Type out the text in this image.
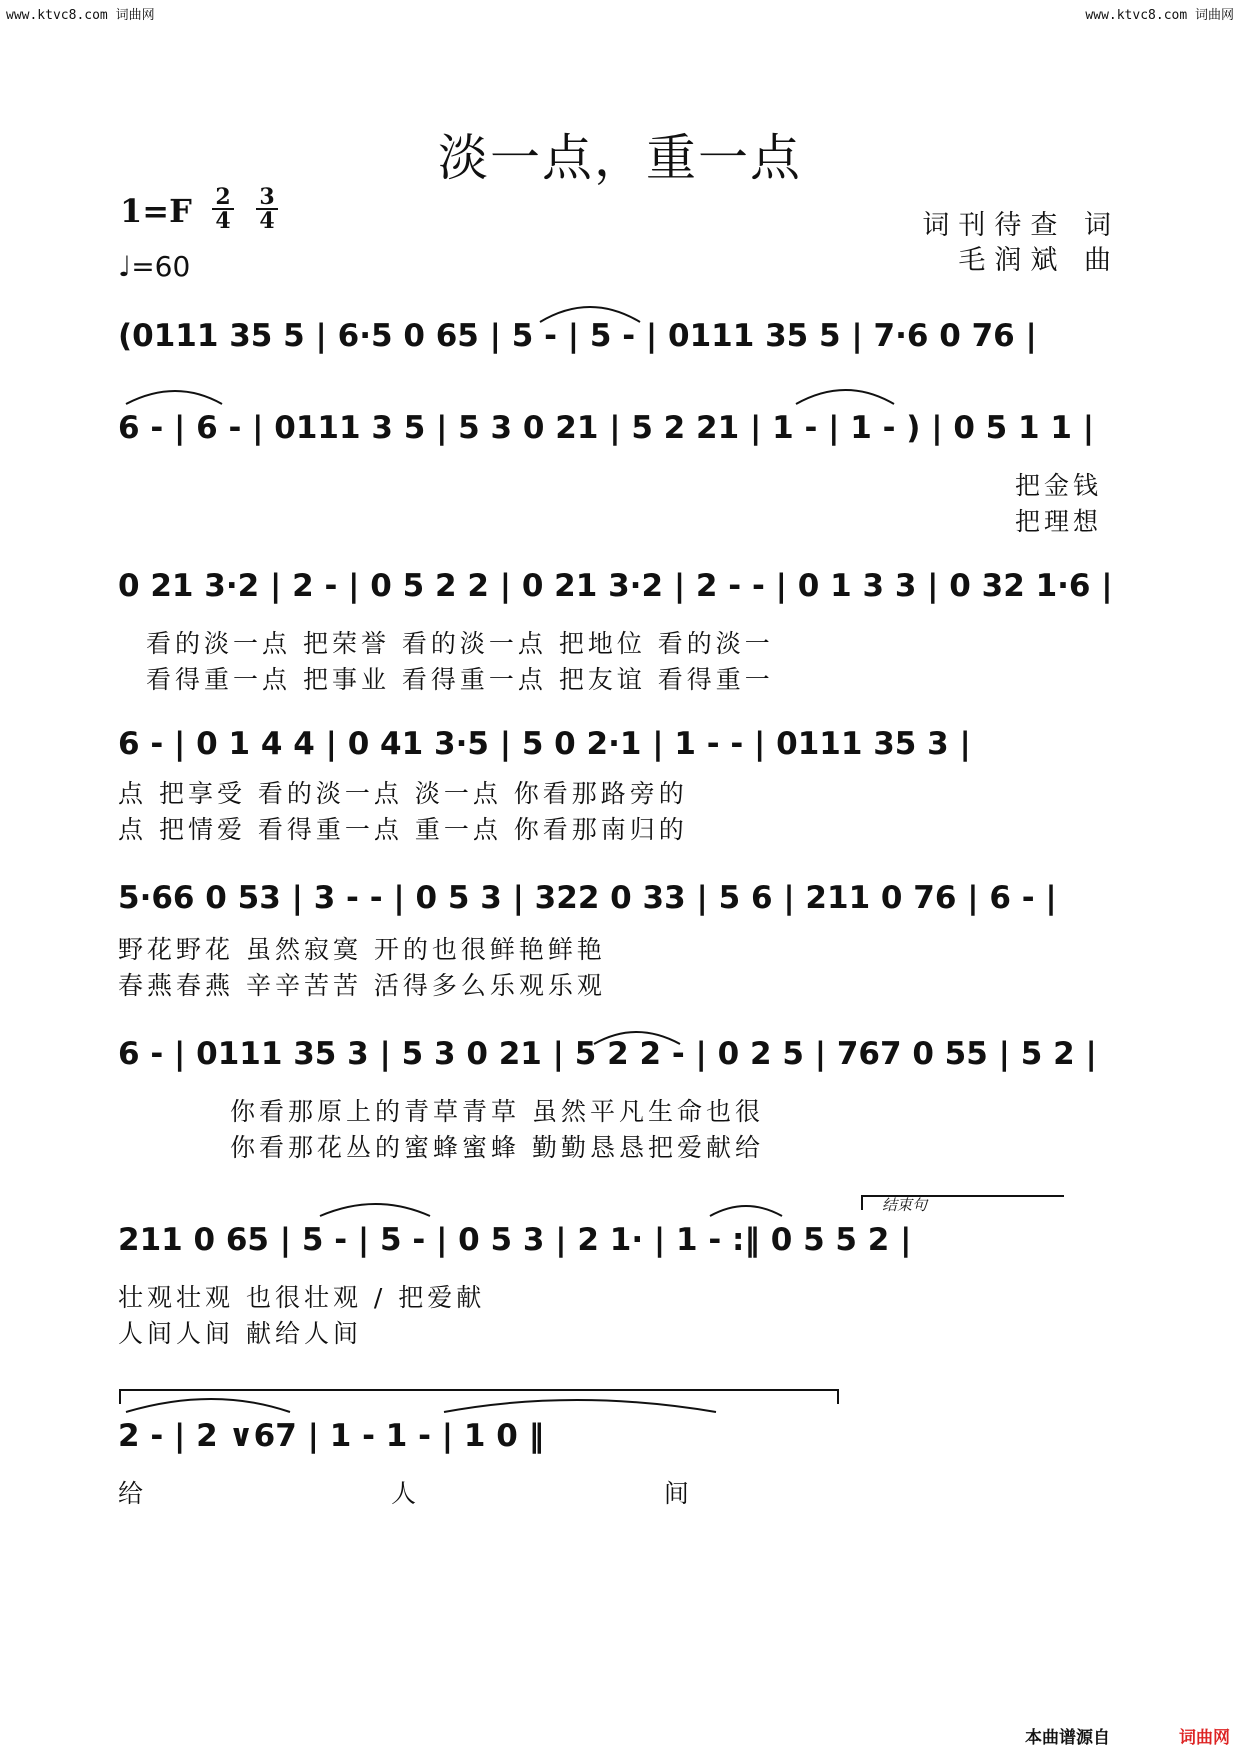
www.ktvc8.com 词曲网	www.ktvc8.com 词曲网
淡一点，重一点
1=F 2
4
3
4
♩=60
词刊待查 词
毛润斌 曲
(0111 35 5 | 6·5 0 65 | 5 - | 5 - | 0111 35 5 | 7·6 0 76 |
6 - | 6 - | 0111 3 5 | 5 3 0 21 | 5 2 21 | 1 - | 1 - ) | 0 5 1 1 |
把金钱
把理想
0 21 3·2 | 2 - | 0 5 2 2 | 0 21 3·2 | 2 - - | 0 1 3 3 | 0 32 1·6 |
看的淡一点 把荣誉 看的淡一点 把地位 看的淡一
看得重一点 把事业 看得重一点 把友谊 看得重一
6 - | 0 1 4 4 | 0 41 3·5 | 5 0 2·1 | 1 - - | 0111 35 3 |
点 把享受 看的淡一点 淡一点 你看那路旁的
点 把情爱 看得重一点 重一点 你看那南归的
5·66 0 53 | 3 - - | 0 5 3 | 322 0 33 | 5 6 | 211 0 76 | 6 - |
野花野花 虽然寂寞 开的也很鲜艳鲜艳
春燕春燕 辛辛苦苦 活得多么乐观乐观
6 - | 0111 35 3 | 5 3 0 21 | 5 2 2 - | 0 2 5 | 767 0 55 | 5 2 |
你看那原上的青草青草 虽然平凡生命也很
你看那花丛的蜜蜂蜜蜂 勤勤恳恳把爱献给
结束句
211 0 65 | 5 - | 5 - | 0 5 3 | 2 1· | 1 - :‖ 0 5 5 2 |
壮观壮观 也很壮观 / 把爱献
人间人间 献给人间
2 - | 2 ∨67 | 1 - 1 - | 1 0 ‖
给 人 间
本曲谱源自	词曲网
